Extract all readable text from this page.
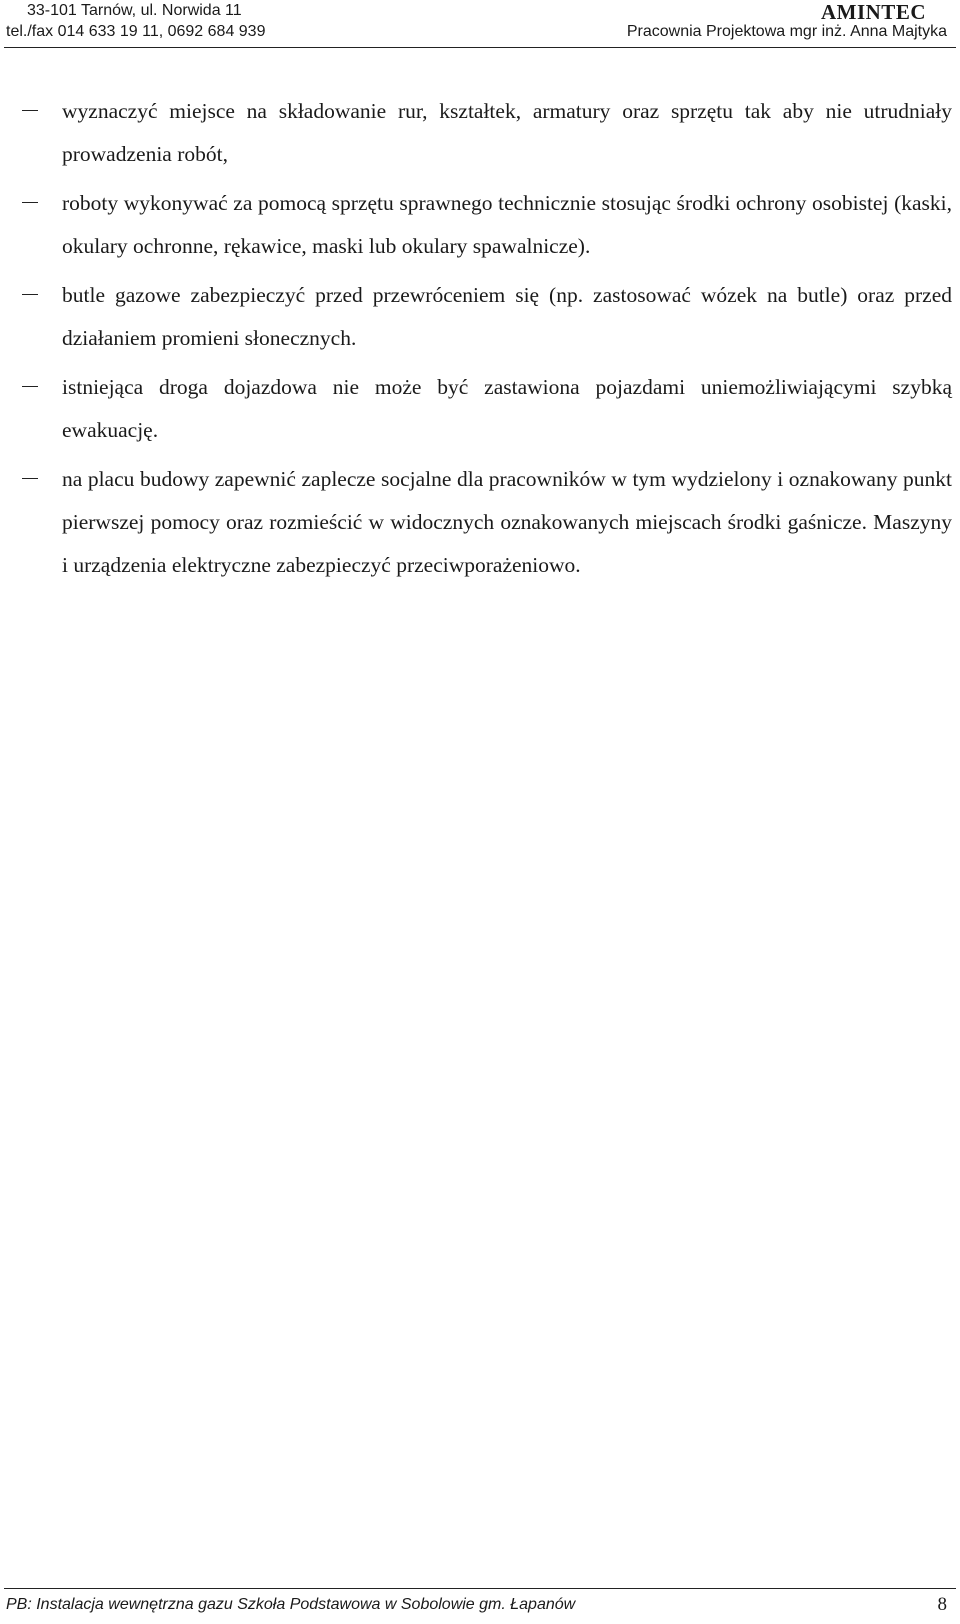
33-101 Tarnów, ul. Norwida 11
tel./fax 014 633 19 11, 0692 684 939
AMINTEC
Pracownia Projektowa mgr inż. Anna Majtyka
wyznaczyć miejsce na składowanie rur, kształtek, armatury oraz sprzętu tak aby nie utrudniały prowadzenia robót,
roboty wykonywać za pomocą sprzętu sprawnego technicznie stosując środki ochrony osobistej (kaski, okulary ochronne, rękawice, maski lub okulary spawalnicze).
butle gazowe zabezpieczyć przed przewróceniem się (np. zastosować wózek na butle) oraz przed działaniem promieni słonecznych.
istniejąca droga dojazdowa nie może być zastawiona pojazdami uniemożliwiającymi szybką ewakuację.
na placu budowy zapewnić zaplecze socjalne dla pracowników w tym wydzielony i oznakowany punkt pierwszej pomocy oraz rozmieścić w widocznych oznakowanych miejscach środki gaśnicze. Maszyny i urządzenia elektryczne zabezpieczyć przeciwporażeniowo.
PB: Instalacja wewnętrzna gazu Szkoła Podstawowa w Sobolowie gm. Łapanów	8
